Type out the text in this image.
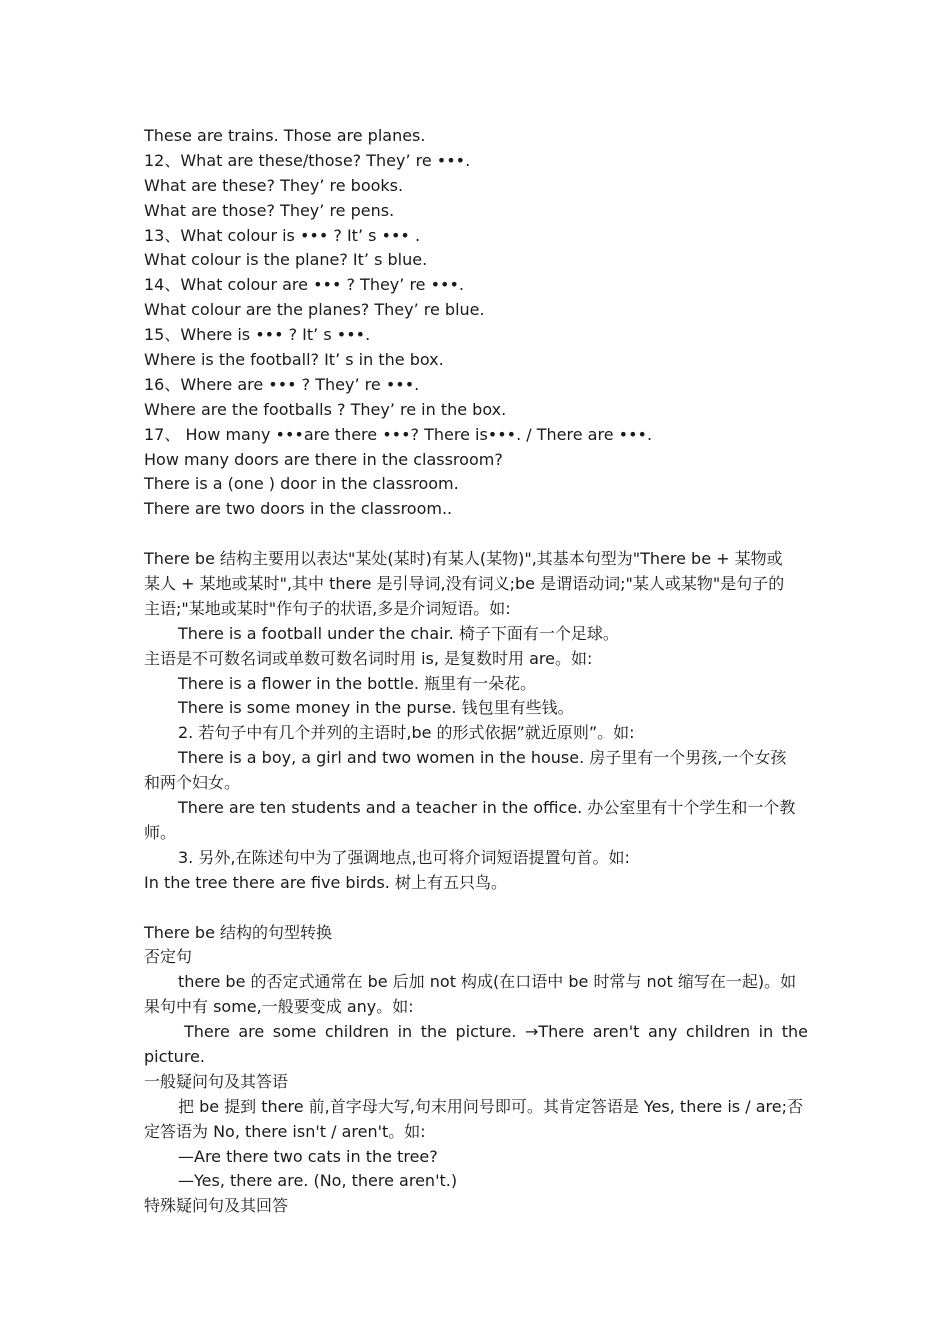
These are trains. Those are planes.
12、What are these/those? They’ re •••.
What are these? They’ re books.
What are those? They’ re pens.
13、What colour is ••• ? It’ s ••• .
What colour is the plane? It’ s blue.
14、What colour are ••• ? They’ re •••.
What colour are the planes? They’ re blue.
15、Where is ••• ? It’ s •••.
Where is the football? It’ s in the box.
16、Where are ••• ? They’ re •••.
Where are the footballs ? They’ re in the box.
17、 How many •••are there •••? There is•••. / There are •••.
How many doors are there in the classroom?
There is a (one ) door in the classroom.
There are two doors in the classroom..
There be 结构主要用以表达"某处(某时)有某人(某物)",其基本句型为"There be + 某物或
某人 + 某地或某时",其中 there 是引导词,没有词义;be 是谓语动词;"某人或某物"是句子的
主语;"某地或某时"作句子的状语,多是介词短语。如:
There is a football under the chair. 椅子下面有一个足球。
主语是不可数名词或单数可数名词时用 is, 是复数时用 are。如:
There is a flower in the bottle. 瓶里有一朵花。
There is some money in the purse. 钱包里有些钱。
2. 若句子中有几个并列的主语时,be 的形式依据”就近原则”。如:
There is a boy, a girl and two women in the house. 房子里有一个男孩,一个女孩
和两个妇女。
There are ten students and a teacher in the office. 办公室里有十个学生和一个教
师。
3. 另外,在陈述句中为了强调地点,也可将介词短语提置句首。如:
In the tree there are five birds. 树上有五只鸟。
There be 结构的句型转换
否定句
there be 的否定式通常在 be 后加 not 构成(在口语中 be 时常与 not 缩写在一起)。如
果句中有 some,一般要变成 any。如:
There are some children in the picture. →There aren't any children in the
picture.
一般疑问句及其答语
把 be 提到 there 前,首字母大写,句末用问号即可。其肯定答语是 Yes, there is / are;否
定答语为 No, there isn't / aren't。如:
—Are there two cats in the tree?
—Yes, there are. (No, there aren't.)
特殊疑问句及其回答
